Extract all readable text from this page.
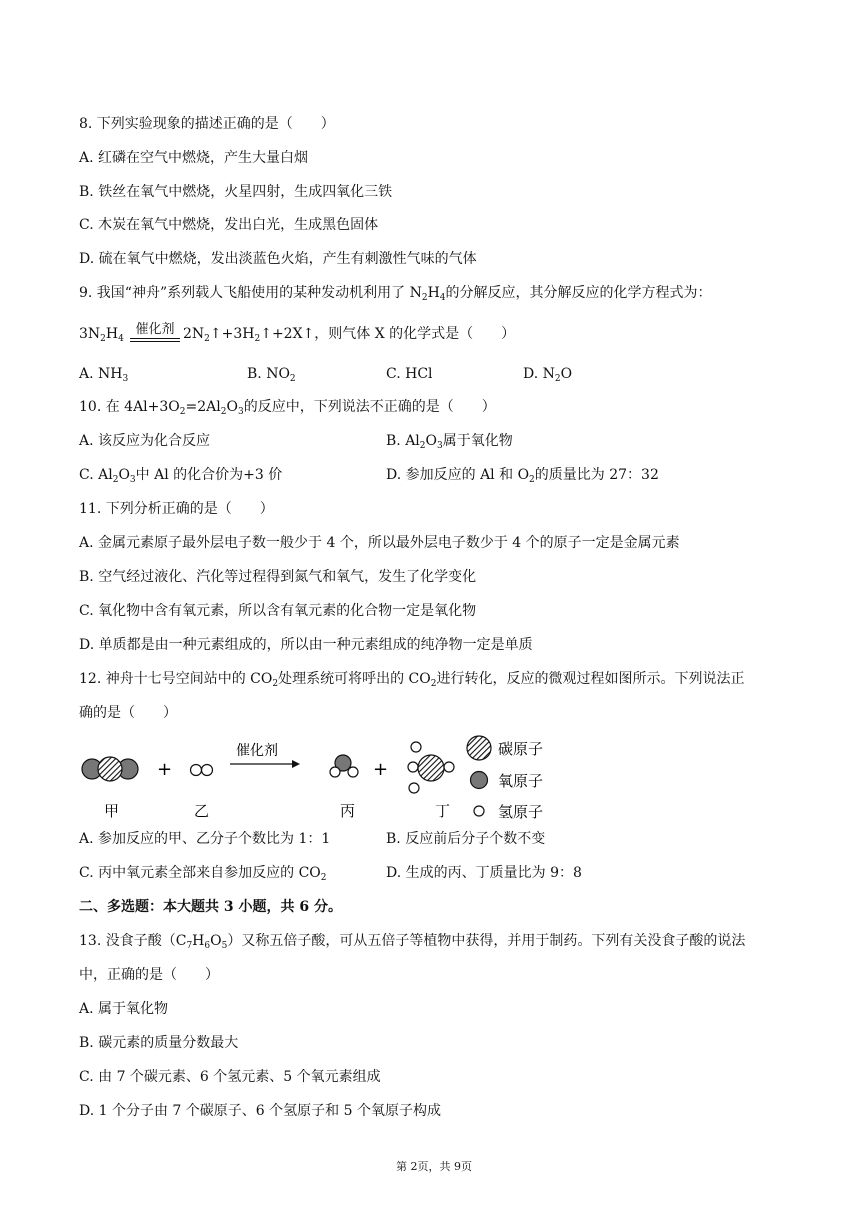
8. 下列实验现象的描述正确的是（　　）
A. 红磷在空气中燃烧，产生大量白烟
B. 铁丝在氧气中燃烧，火星四射，生成四氧化三铁
C. 木炭在氧气中燃烧，发出白光，生成黑色固体
D. 硫在氧气中燃烧，发出淡蓝色火焰，产生有刺激性气味的气体
9. 我国“神舟”系列载人飞船使用的某种发动机利用了 $N_2H_4$的分解反应，其分解反应的化学方程式为：
$3N_2H_4$
催化剂 $2N_2↑+3H_2↑+2X↑$，则气体 X 的化学式是（　　）
A. $NH_3$	B. $NO_2$	C. HCl	D. $N_2O$
10. 在 $4Al+3O_2=2Al_2O_3$的反应中，下列说法不正确的是（　　）
A. 该反应为化合反应	B. $Al_2O_3$属于氧化物
C. $Al_2O_3$中 Al 的化合价为+3 价	D. 参加反应的 Al 和 $O_2$的质量比为 27：32
11. 下列分析正确的是（　　）
A. 金属元素原子最外层电子数一般少于 4 个，所以最外层电子数少于 4 个的原子一定是金属元素
B. 空气经过液化、汽化等过程得到氮气和氧气，发生了化学变化
C. 氧化物中含有氧元素，所以含有氧元素的化合物一定是氧化物
D. 单质都是由一种元素组成的，所以由一种元素组成的纯净物一定是单质
12. 神舟十七号空间站中的 $CO_2$处理系统可将呼出的 $CO_2$进行转化，反应的微观过程如图所示。下列说法正
确的是（　　）
+
催化剂
+
甲	乙	丙	丁
碳原子
氧原子
氢原子
A. 参加反应的甲、乙分子个数比为 1：1	B. 反应前后分子个数不变
C. 丙中氧元素全部来自参加反应的 $CO_2$	D. 生成的丙、丁质量比为 9：8
二、多选题：本大题共 3 小题，共 6 分。
13. 没食子酸$(C_7H_6O_5)$又称五倍子酸，可从五倍子等植物中获得，并用于制药。下列有关没食子酸的说法
中，正确的是（　　）
A. 属于氧化物
B. 碳元素的质量分数最大
C. 由 7 个碳元素、6 个氢元素、5 个氧元素组成
D. 1 个分子由 7 个碳原子、6 个氢原子和 5 个氧原子构成
第 2页，共 9页
